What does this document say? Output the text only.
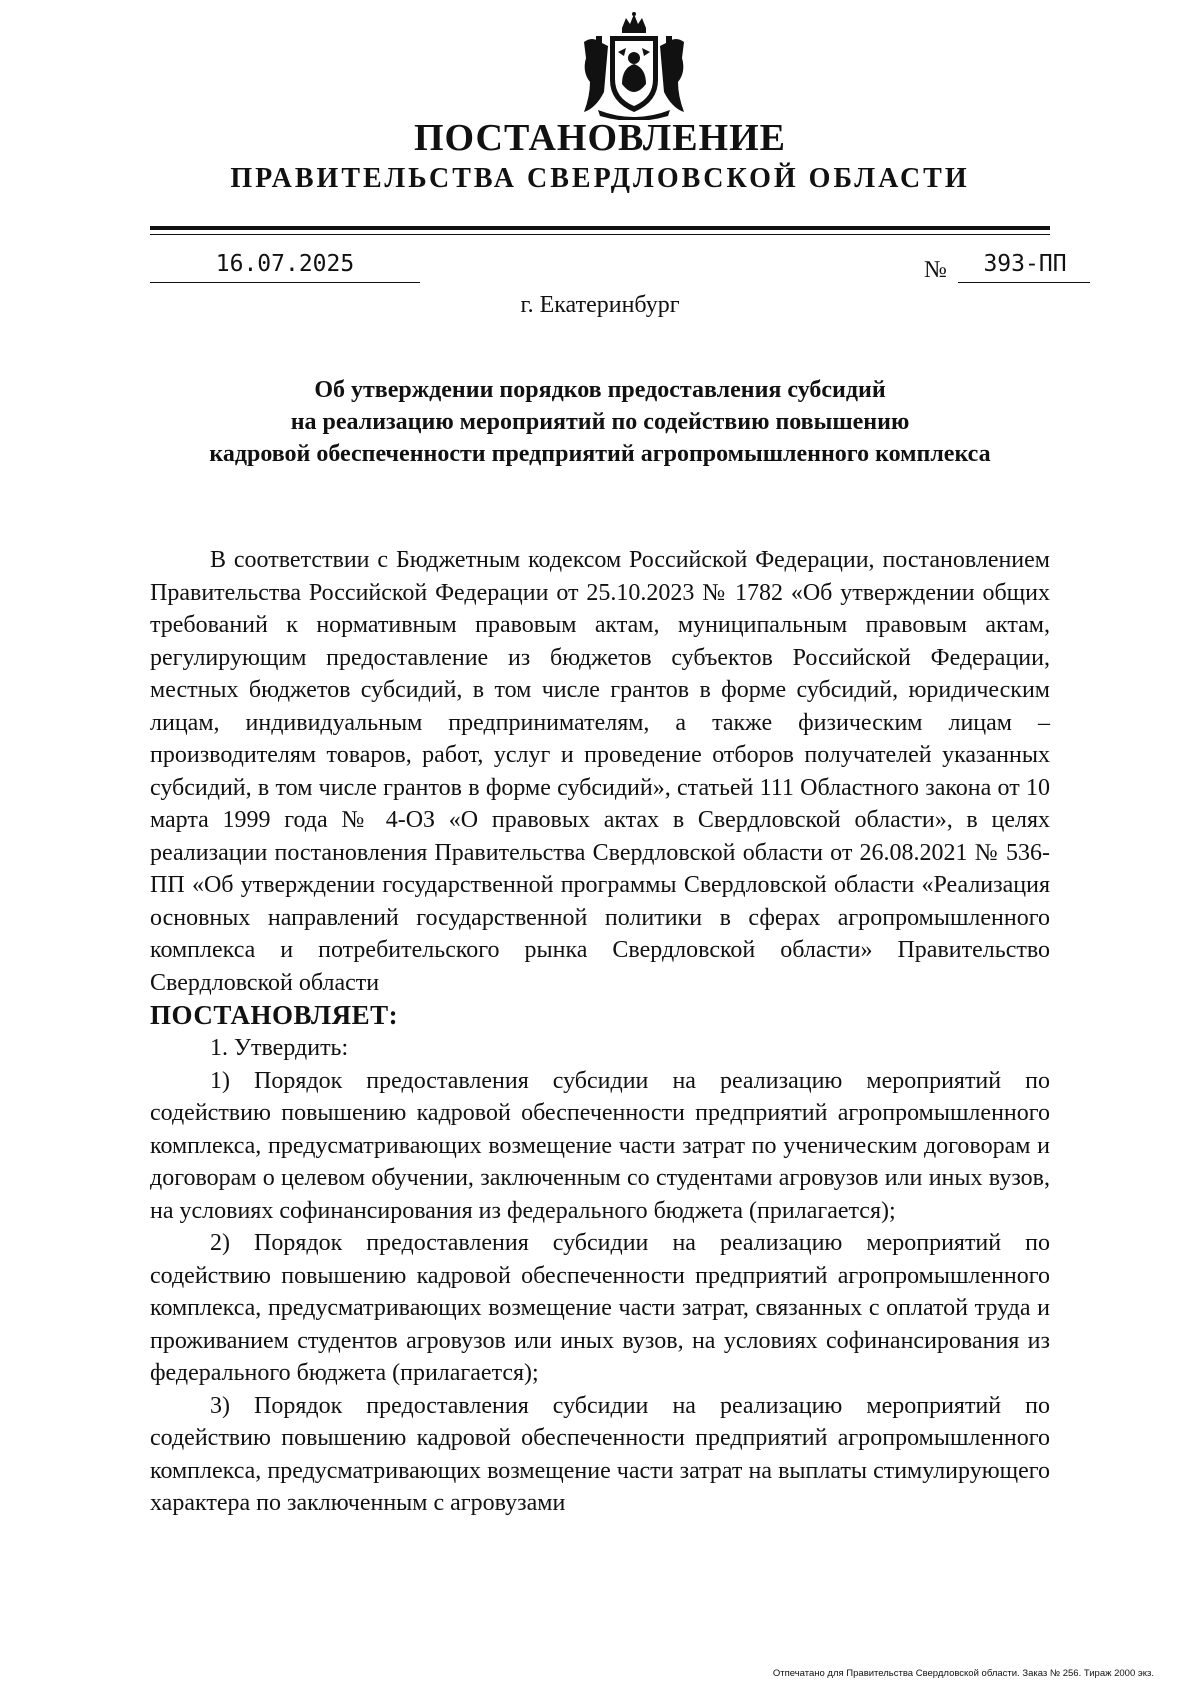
ПОСТАНОВЛЕНИЕ
ПРАВИТЕЛЬСТВА СВЕРДЛОВСКОЙ ОБЛАСТИ
16.07.2025	№	393-ПП
г. Екатеринбург
Об утверждении порядков предоставления субсидий
на реализацию мероприятий по содействию повышению
кадровой обеспеченности предприятий агропромышленного комплекса

В соответствии с Бюджетным кодексом Российской Федерации, постановлением Правительства Российской Федерации от 25.10.2023 № 1782 «Об утверждении общих требований к нормативным правовым актам, муниципальным правовым актам, регулирующим предоставление из бюджетов субъектов Российской Федерации, местных бюджетов субсидий, в том числе грантов в форме субсидий, юридическим лицам, индивидуальным предпринимателям, а также физическим лицам – производителям товаров, работ, услуг и проведение отборов получателей указанных субсидий, в том числе грантов в форме субсидий», статьей 111 Областного закона от 10 марта 1999 года № 4-ОЗ «О правовых актах в Свердловской области», в целях реализации постановления Правительства Свердловской области от 26.08.2021 № 536-ПП «Об утверждении государственной программы Свердловской области «Реализация основных направлений государственной политики в сферах агропромышленного комплекса и потребительского рынка Свердловской области» Правительство Свердловской области

ПОСТАНОВЛЯЕТ:

1. Утвердить:

1) Порядок предоставления субсидии на реализацию мероприятий по содействию повышению кадровой обеспеченности предприятий агропромышленного комплекса, предусматривающих возмещение части затрат по ученическим договорам и договорам о целевом обучении, заключенным со студентами агровузов или иных вузов, на условиях софинансирования из федерального бюджета (прилагается);

2) Порядок предоставления субсидии на реализацию мероприятий по содействию повышению кадровой обеспеченности предприятий агропромышленного комплекса, предусматривающих возмещение части затрат, связанных с оплатой труда и проживанием студентов агровузов или иных вузов, на условиях софинансирования из федерального бюджета (прилагается);

3) Порядок предоставления субсидии на реализацию мероприятий по содействию повышению кадровой обеспеченности предприятий агропромышленного комплекса, предусматривающих возмещение части затрат на выплаты стимулирующего характера по заключенным с агровузами

Отпечатано для Правительства Свердловской области. Заказ № 256. Тираж 2000 экз.
